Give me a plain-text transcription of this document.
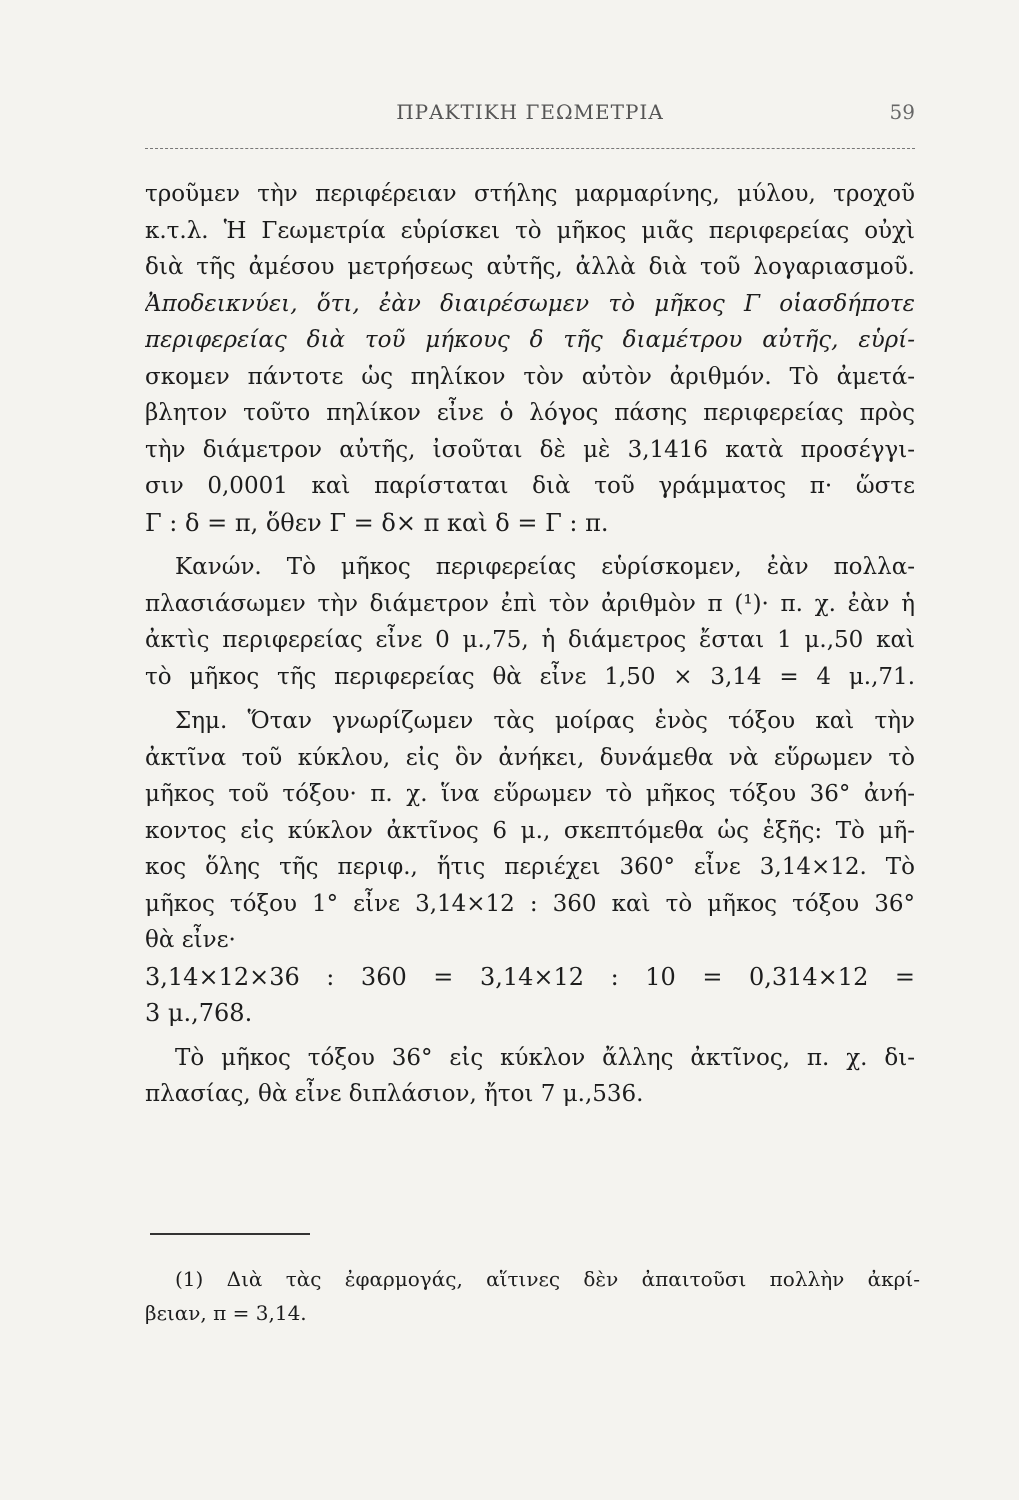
ΠΡΑΚΤΙΚΗ ΓΕΩΜΕΤΡΙΑ	59
τροῦμεν τὴν περιφέρειαν στήλης μαρμαρίνης, μύλου, τροχοῦ
κ.τ.λ. Ἡ Γεωμετρία εὑρίσκει τὸ μῆκος μιᾶς περιφερείας οὐχὶ
διὰ τῆς ἀμέσου μετρήσεως αὐτῆς, ἀλλὰ διὰ τοῦ λογαριασμοῦ.
Ἀποδεικνύει, ὅτι, ἐὰν διαιρέσωμεν τὸ μῆκος Γ οἱασδήποτε
περιφερείας διὰ τοῦ μήκους δ τῆς διαμέτρου αὐτῆς, εὑρί-
σκομεν πάντοτε ὡς πηλίκον τὸν αὐτὸν ἀριθμόν. Τὸ ἀμετά-
βλητον τοῦτο πηλίκον εἶνε ὁ λόγος πάσης περιφερείας πρὸς
τὴν διάμετρον αὐτῆς, ἰσοῦται δὲ μὲ 3,1416 κατὰ προσέγγι-
σιν 0,0001 καὶ παρίσταται διὰ τοῦ γράμματος π· ὥστε
Γ : δ = π, ὅθεν Γ = δ× π καὶ δ = Γ : π.
Κανών. Τὸ μῆκος περιφερείας εὑρίσκομεν, ἐὰν πολλα-
πλασιάσωμεν τὴν διάμετρον ἐπὶ τὸν ἀριθμὸν π (¹)· π. χ. ἐὰν ἡ
ἀκτὶς περιφερείας εἶνε 0 μ.,75, ἡ διάμετρος ἔσται 1 μ.,50 καὶ
τὸ μῆκος τῆς περιφερείας θὰ εἶνε 1,50 × 3,14 = 4 μ.,71.
Σημ. Ὅταν γνωρίζωμεν τὰς μοίρας ἑνὸς τόξου καὶ τὴν
ἀκτῖνα τοῦ κύκλου, εἰς ὃν ἀνήκει, δυνάμεθα νὰ εὕρωμεν τὸ
μῆκος τοῦ τόξου· π. χ. ἵνα εὕρωμεν τὸ μῆκος τόξου 36° ἀνή-
κοντος εἰς κύκλον ἀκτῖνος 6 μ., σκεπτόμεθα ὡς ἑξῆς: Τὸ μῆ-
κος ὅλης τῆς περιφ., ἥτις περιέχει 360° εἶνε 3,14×12. Τὸ
μῆκος τόξου 1° εἶνε 3,14×12 : 360 καὶ τὸ μῆκος τόξου 36°
θὰ εἶνε·
3,14×12×36 : 360 = 3,14×12 : 10 = 0,314×12 =
3 μ.,768.
Τὸ μῆκος τόξου 36° εἰς κύκλον ἄλλης ἀκτῖνος, π. χ. δι-
πλασίας, θὰ εἶνε διπλάσιον, ἤτοι 7 μ.,536.
(1) Διὰ τὰς ἐφαρμογάς, αἵτινες δὲν ἀπαιτοῦσι πολλὴν ἀκρί-
βειαν, π = 3,14.
